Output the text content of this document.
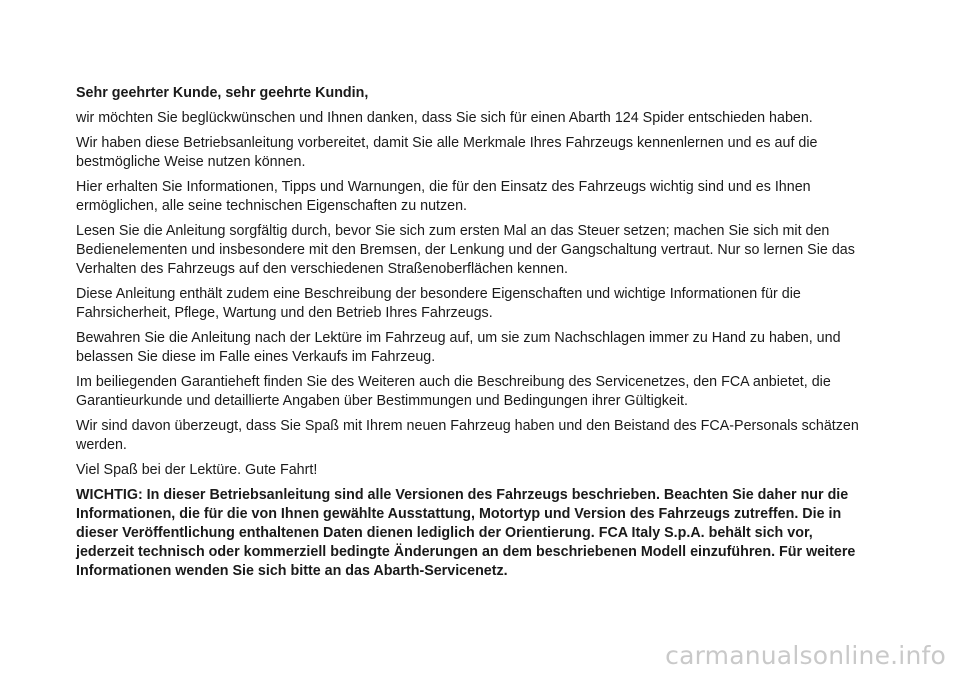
Sehr geehrter Kunde, sehr geehrte Kundin,

wir möchten Sie beglückwünschen und Ihnen danken, dass Sie sich für einen Abarth 124 Spider entschieden haben.

Wir haben diese Betriebsanleitung vorbereitet, damit Sie alle Merkmale Ihres Fahrzeugs kennenlernen und es auf die bestmögliche Weise nutzen können.

Hier erhalten Sie Informationen, Tipps und Warnungen, die für den Einsatz des Fahrzeugs wichtig sind und es Ihnen ermöglichen, alle seine technischen Eigenschaften zu nutzen.

Lesen Sie die Anleitung sorgfältig durch, bevor Sie sich zum ersten Mal an das Steuer setzen; machen Sie sich mit den Bedienelementen und insbesondere mit den Bremsen, der Lenkung und der Gangschaltung vertraut. Nur so lernen Sie das Verhalten des Fahrzeugs auf den verschiedenen Straßenoberflächen kennen.

Diese Anleitung enthält zudem eine Beschreibung der besondere Eigenschaften und wichtige Informationen für die Fahrsicherheit, Pflege, Wartung und den Betrieb Ihres Fahrzeugs.

Bewahren Sie die Anleitung nach der Lektüre im Fahrzeug auf, um sie zum Nachschlagen immer zu Hand zu haben, und belassen Sie diese im Falle eines Verkaufs im Fahrzeug.

Im beiliegenden Garantieheft finden Sie des Weiteren auch die Beschreibung des Servicenetzes, den FCA anbietet, die Garantieurkunde und detaillierte Angaben über Bestimmungen und Bedingungen ihrer Gültigkeit.

Wir sind davon überzeugt, dass Sie Spaß mit Ihrem neuen Fahrzeug haben und den Beistand des FCA-Personals schätzen werden.

Viel Spaß bei der Lektüre. Gute Fahrt!

WICHTIG: In dieser Betriebsanleitung sind alle Versionen des Fahrzeugs beschrieben. Beachten Sie daher nur die Informationen, die für die von Ihnen gewählte Ausstattung, Motortyp und Version des Fahrzeugs zutreffen. Die in dieser Veröffentlichung enthaltenen Daten dienen lediglich der Orientierung. FCA Italy S.p.A. behält sich vor, jederzeit technisch oder kommerziell bedingte Änderungen an dem beschriebenen Modell einzuführen. Für weitere Informationen wenden Sie sich bitte an das Abarth-Servicenetz.

carmanualsonline.info
